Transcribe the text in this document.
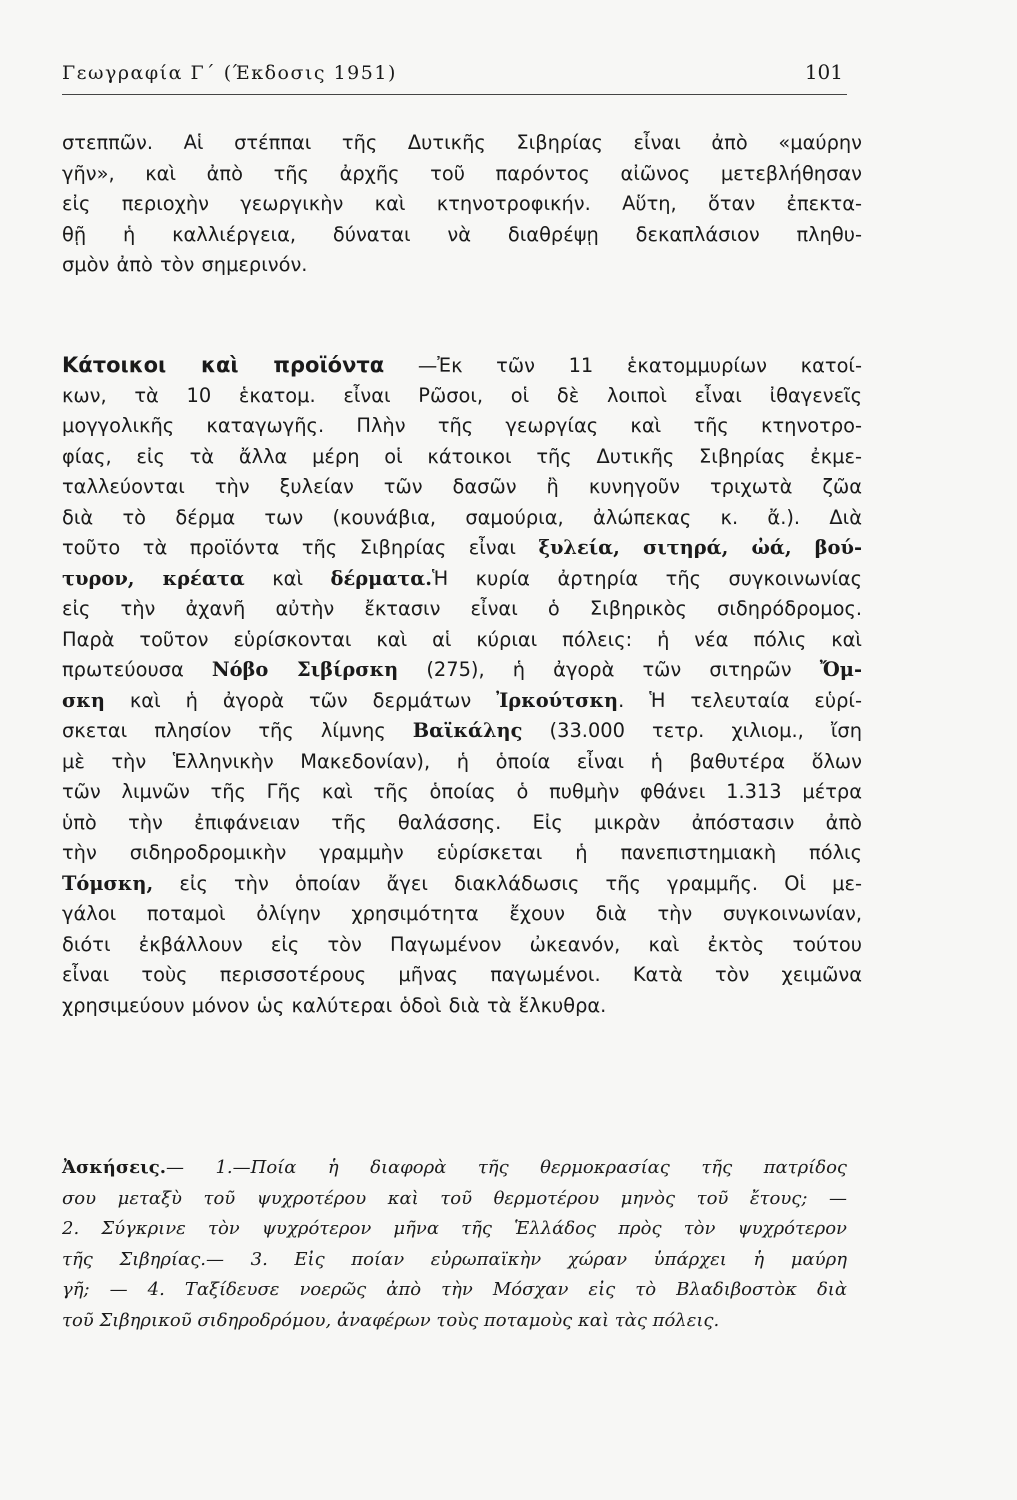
Γεωγραφία Γ΄ (Έκδοσις 1951)	101
στεππῶν. Αἱ στέππαι τῆς Δυτικῆς Σιβηρίας εἶναι ἀπὸ «μαύρην
γῆν», καὶ ἀπὸ τῆς ἀρχῆς τοῦ παρόντος αἰῶνος μετεβλήθησαν
εἰς περιοχὴν γεωργικὴν καὶ κτηνοτροφικήν. Αὕτη, ὅταν ἐπεκτα-
θῇ ἡ καλλιέργεια, δύναται νὰ διαθρέψῃ δεκαπλάσιον πληθυ-
σμὸν ἀπὸ τὸν σημερινόν.
Κάτοικοι καὶ προϊόντα —Ἐκ τῶν 11 ἑκατομμυρίων κατοί-
κων, τὰ 10 ἑκατομ. εἶναι Ρῶσοι, οἱ δὲ λοιποὶ εἶναι ἰθαγενεῖς
μογγολικῆς καταγωγῆς. Πλὴν τῆς γεωργίας καὶ τῆς κτηνοτρο-
φίας, εἰς τὰ ἄλλα μέρη οἱ κάτοικοι τῆς Δυτικῆς Σιβηρίας ἐκμε-
ταλλεύονται τὴν ξυλείαν τῶν δασῶν ἢ κυνηγοῦν τριχωτὰ ζῶα
διὰ τὸ δέρμα των (κουνάβια, σαμούρια, ἀλώπεκας κ. ἄ.). Διὰ
τοῦτο τὰ προϊόντα τῆς Σιβηρίας εἶναι ξυλεία, σιτηρά, ὠά, βού-
τυρον, κρέατα καὶ δέρματα.Ἡ κυρία ἀρτηρία τῆς συγκοινωνίας
εἰς τὴν ἀχανῆ αὐτὴν ἔκτασιν εἶναι ὁ Σιβηρικὸς σιδηρόδρομος.
Παρὰ τοῦτον εὑρίσκονται καὶ αἱ κύριαι πόλεις: ἡ νέα πόλις καὶ
πρωτεύουσα Νόβο Σιβίρσκη (275), ἡ ἀγορὰ τῶν σιτηρῶν Ὄμ-
σκη καὶ ἡ ἀγορὰ τῶν δερμάτων Ἰρκούτσκη. Ἡ τελευταία εὑρί-
σκεται πλησίον τῆς λίμνης Βαϊκάλης (33.000 τετρ. χιλιομ., ἴση
μὲ τὴν Ἑλληνικὴν Μακεδονίαν), ἡ ὁποία εἶναι ἡ βαθυτέρα ὅλων
τῶν λιμνῶν τῆς Γῆς καὶ τῆς ὁποίας ὁ πυθμὴν φθάνει 1.313 μέτρα
ὑπὸ τὴν ἐπιφάνειαν τῆς θαλάσσης. Εἰς μικρὰν ἀπόστασιν ἀπὸ
τὴν σιδηροδρομικὴν γραμμὴν εὑρίσκεται ἡ πανεπιστημιακὴ πόλις
Τόμσκη, εἰς τὴν ὁποίαν ἄγει διακλάδωσις τῆς γραμμῆς. Οἱ με-
γάλοι ποταμοὶ ὀλίγην χρησιμότητα ἔχουν διὰ τὴν συγκοινωνίαν,
διότι ἐκβάλλουν εἰς τὸν Παγωμένον ὠκεανόν, καὶ ἐκτὸς τούτου
εἶναι τοὺς περισσοτέρους μῆνας παγωμένοι. Κατὰ τὸν χειμῶνα
χρησιμεύουν μόνον ὡς καλύτεραι ὁδοὶ διὰ τὰ ἕλκυθρα.
Ἀσκήσεις.— 1.—Ποία ἡ διαφορὰ τῆς θερμοκρασίας τῆς πατρίδος
σου μεταξὺ τοῦ ψυχροτέρου καὶ τοῦ θερμοτέρου μηνὸς τοῦ ἔτους; —
2. Σύγκρινε τὸν ψυχρότερον μῆνα τῆς Ἑλλάδος πρὸς τὸν ψυχρότερον
τῆς Σιβηρίας.— 3. Εἰς ποίαν εὐρωπαϊκὴν χώραν ὑπάρχει ἡ μαύρη
γῆ; — 4. Ταξίδευσε νοερῶς ἀπὸ τὴν Μόσχαν εἰς τὸ Βλαδιβοστὸκ διὰ
τοῦ Σιβηρικοῦ σιδηροδρόμου, ἀναφέρων τοὺς ποταμοὺς καὶ τὰς πόλεις.
